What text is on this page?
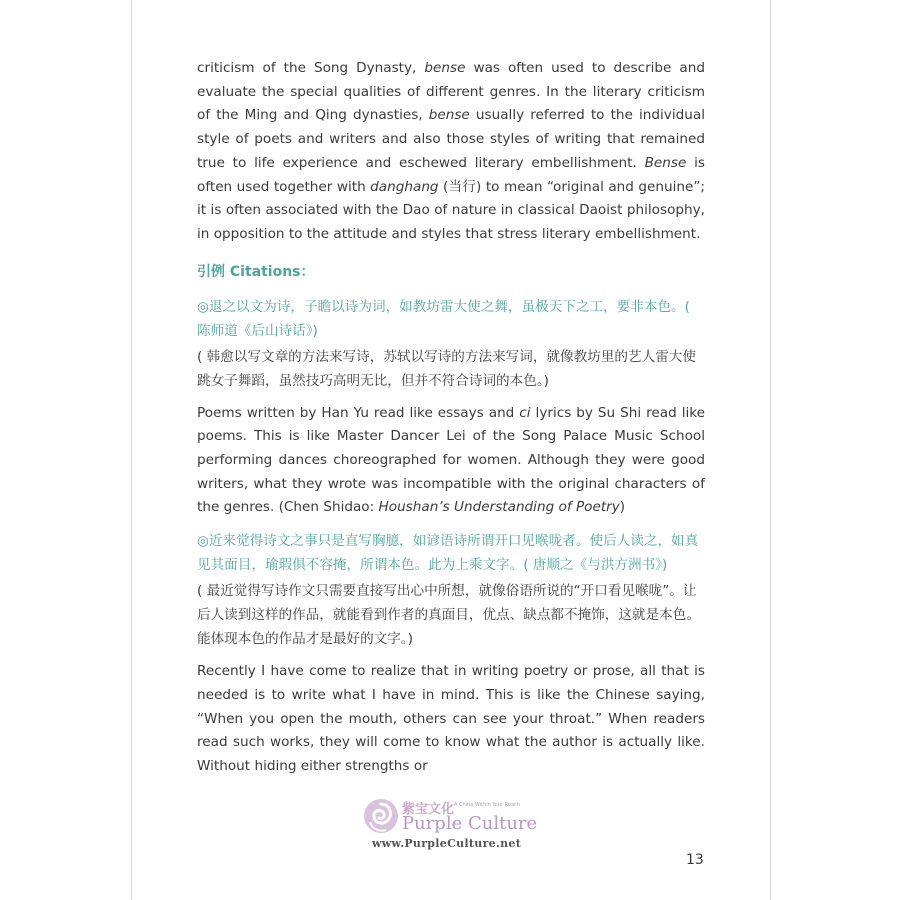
criticism of the Song Dynasty, bense was often used to describe and evaluate the special qualities of different genres. In the literary criticism of the Ming and Qing dynasties, bense usually referred to the individual style of poets and writers and also those styles of writing that remained true to life experience and eschewed literary embellishment. Bense is often used together with danghang (当行) to mean “original and genuine”; it is often associated with the Dao of nature in classical Daoist philosophy, in opposition to the attitude and styles that stress literary embellishment.

引例 Citations：

◎退之以文为诗，子瞻以诗为词，如教坊雷大使之舞，虽极天下之工，要非本色。( 陈师道《后山诗话》)

( 韩愈以写文章的方法来写诗，苏轼以写诗的方法来写词，就像教坊里的艺人雷大使跳女子舞蹈，虽然技巧高明无比，但并不符合诗词的本色。)

Poems written by Han Yu read like essays and ci lyrics by Su Shi read like poems. This is like Master Dancer Lei of the Song Palace Music School performing dances choreographed for women. Although they were good writers, what they wrote was incompatible with the original characters of the genres. (Chen Shidao: Houshan’s Understanding of Poetry)

◎近来觉得诗文之事只是直写胸臆，如谚语诗所谓开口见喉咙者。使后人读之，如真见其面目，瑜瑕俱不容掩，所谓本色。此为上乘文字。( 唐顺之《与洪方洲书》)

( 最近觉得写诗作文只需要直接写出心中所想，就像俗语所说的“开口看见喉咙”。让后人读到这样的作品，就能看到作者的真面目，优点、缺点都不掩饰，这就是本色。能体现本色的作品才是最好的文字。)

Recently I have come to realize that in writing poetry or prose, all that is needed is to write what I have in mind. This is like the Chinese saying, “When you open the mouth, others can see your throat.” When readers read such works, they will come to know what the author is actually like. Without hiding either strengths or

紫宝文化 A China Within Your Reach
Purple Culture
www.PurpleCulture.net
13
